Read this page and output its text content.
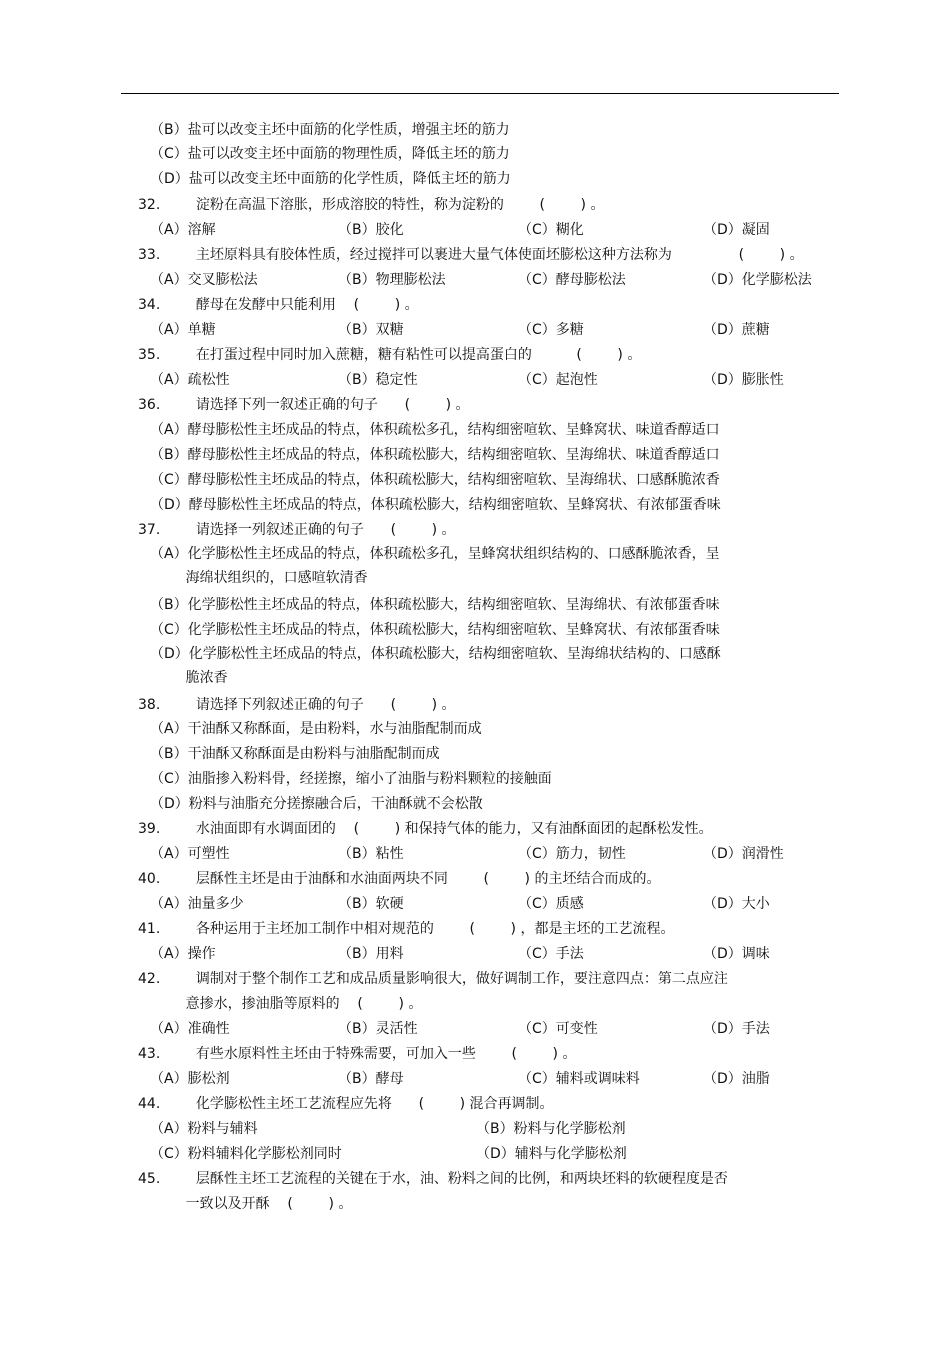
（B）盐可以改变主坯中面筋的化学性质，增强主坯的筋力
（C）盐可以改变主坯中面筋的物理性质，降低主坯的筋力
（D）盐可以改变主坯中面筋的化学性质，降低主坯的筋力
32.        淀粉在高温下溶胀，形成溶胶的特性，称为淀粉的        (        ) 。
（A）溶解	（B）胶化	（C）糊化	（D）凝固
33.        主坯原料具有胶体性质，经过搅拌可以裹进大量气体使面坯膨松这种方法称为               (        ) 。
（A）交叉膨松法	（B）物理膨松法	（C）酵母膨松法	（D）化学膨松法
34.        酵母在发酵中只能利用    (        ) 。
（A）单糖	（B）双糖	（C）多糖	（D）蔗糖
35.        在打蛋过程中同时加入蔗糖，糖有粘性可以提高蛋白的          (        ) 。
（A）疏松性	（B）稳定性	（C）起泡性	（D）膨胀性
36.        请选择下列一叙述正确的句子      (        ) 。
（A）酵母膨松性主坯成品的特点，体积疏松多孔，结构细密喧软、呈蜂窝状、味道香醇适口
（B）酵母膨松性主坯成品的特点，体积疏松膨大，结构细密喧软、呈海绵状、味道香醇适口
（C）酵母膨松性主坯成品的特点，体积疏松膨大，结构细密喧软、呈海绵状、口感酥脆浓香
（D）酵母膨松性主坯成品的特点，体积疏松膨大，结构细密喧软、呈蜂窝状、有浓郁蛋香味
37.        请选择一列叙述正确的句子      (        ) 。
（A）化学膨松性主坯成品的特点，体积疏松多孔，呈蜂窝状组织结构的、口感酥脆浓香，呈
海绵状组织的，口感喧软清香
（B）化学膨松性主坯成品的特点，体积疏松膨大，结构细密喧软、呈海绵状、有浓郁蛋香味
（C）化学膨松性主坯成品的特点，体积疏松膨大，结构细密喧软、呈蜂窝状、有浓郁蛋香味
（D）化学膨松性主坯成品的特点，体积疏松膨大，结构细密喧软、呈海绵状结构的、口感酥
脆浓香
38.        请选择下列叙述正确的句子      (        ) 。
（A）干油酥又称酥面，是由粉料，水与油脂配制而成
（B）干油酥又称酥面是由粉料与油脂配制而成
（C）油脂掺入粉料骨，经搓擦，缩小了油脂与粉料颗粒的接触面
（D）粉料与油脂充分搓擦融合后，干油酥就不会松散
39.        水油面即有水调面团的    (        ) 和保持气体的能力，又有油酥面团的起酥松发性。
（A）可塑性	（B）粘性	（C）筋力，韧性	（D）润滑性
40.        层酥性主坯是由于油酥和水油面两块不同        (        ) 的主坯结合而成的。
（A）油量多少	（B）软硬	（C）质感	（D）大小
41.        各种运用于主坯加工制作中相对规范的        (        ) ，都是主坯的工艺流程。
（A）操作	（B）用料	（C）手法	（D）调味
42.        调制对于整个制作工艺和成品质量影响很大，做好调制工作，要注意四点：第二点应注
意掺水，掺油脂等原料的    (        ) 。
（A）准确性	（B）灵活性	（C）可变性	（D）手法
43.        有些水原料性主坯由于特殊需要，可加入一些        (        ) 。
（A）膨松剂	（B）酵母	（C）辅料或调味料	（D）油脂
44.        化学膨松性主坯工艺流程应先将      (        ) 混合再调制。
（A）粉料与辅料	（B）粉料与化学膨松剂
（C）粉料辅料化学膨松剂同时	（D）辅料与化学膨松剂
45.        层酥性主坯工艺流程的关键在于水，油、粉料之间的比例，和两块坯料的软硬程度是否
一致以及开酥    (        ) 。
